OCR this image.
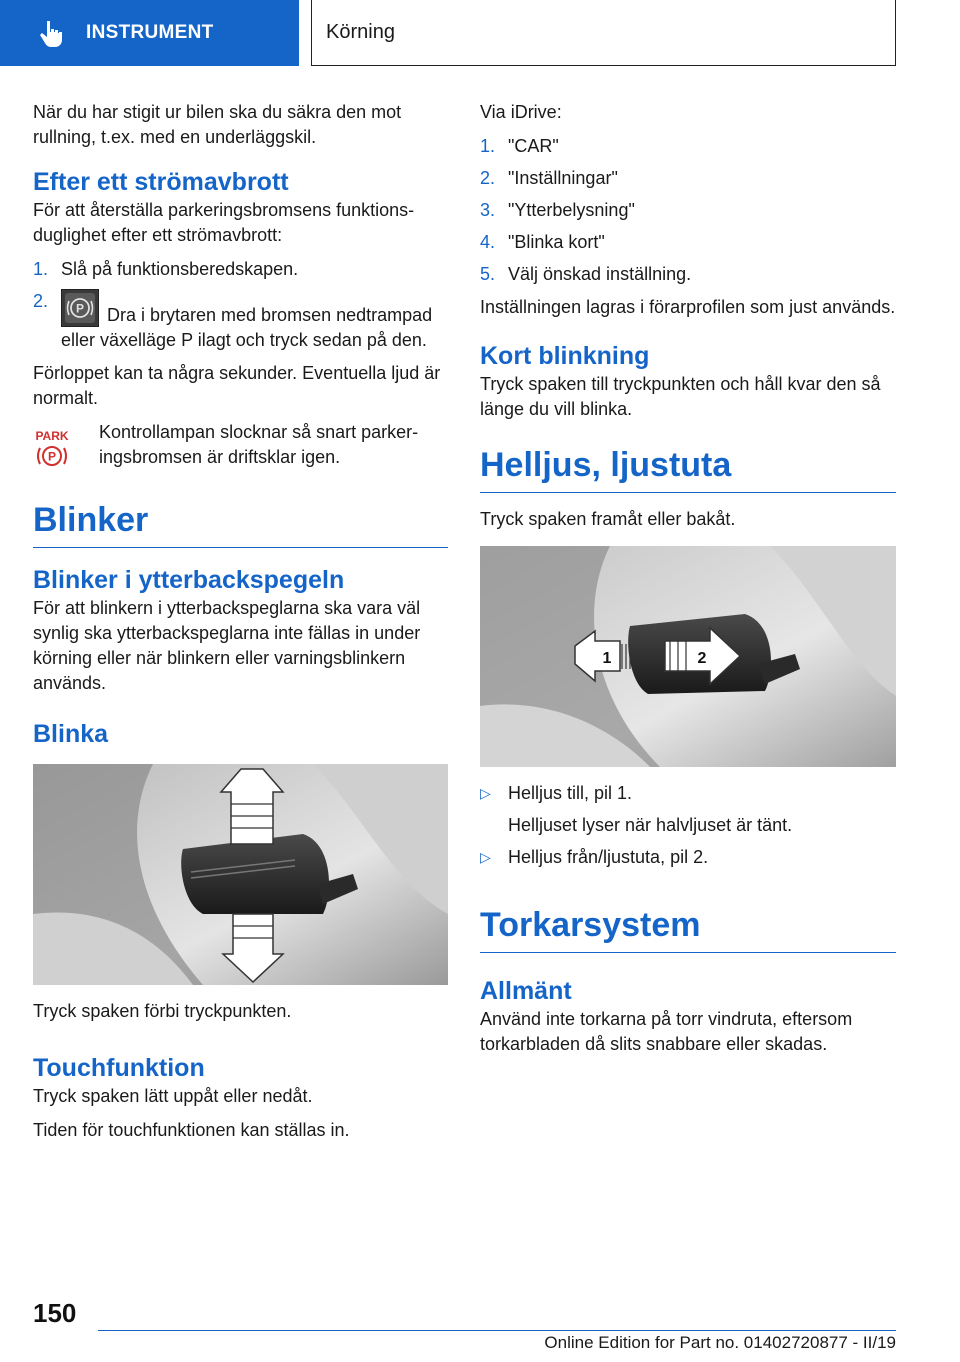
INSTRUMENT	Körning

När du har stigit ur bilen ska du säkra den mot rullning, t.ex. med en underläggskil.

Efter ett strömavbrott

För att återställa parkeringsbromsens funktionsduglighet efter ett strömavbrott:

1. Slå på funktionsberedskapen.
2.	P Dra i brytaren med bromsen nedtrampad eller växelläge P ilagt och tryck sedan på den.

Förloppet kan ta några sekunder. Eventuella ljud är normalt.

PARK
P
Kontrollampan slocknar så snart parkeringsbromsen är driftsklar igen.
Blinker
Blinker i ytterbackspegeln

För att blinkern i ytterbackspeglarna ska vara väl synlig ska ytterbackspeglarna inte fällas in under körning eller när blinkern eller varningsblinkern används.

Blinka

Tryck spaken förbi tryckpunkten.

Touchfunktion

Tryck spaken lätt uppåt eller nedåt.

Tiden för touchfunktionen kan ställas in.

Via iDrive:

1. "CAR"
2. "Inställningar"
3. "Ytterbelysning"
4. "Blinka kort"
5. Välj önskad inställning.

Inställningen lagras i förarprofilen som just används.

Kort blinkning

Tryck spaken till tryckpunkten och håll kvar den så länge du vill blinka.

Helljus, ljustuta

Tryck spaken framåt eller bakåt.

1	2
▷ Helljus till, pil 1.
Helljuset lyser när halvljuset är tänt.
▷ Helljus från/ljustuta, pil 2.
Torkarsystem
Allmänt

Använd inte torkarna på torr vindruta, eftersom torkarbladen då slits snabbare eller skadas.

150
Online Edition for Part no. 01402720877 - II/19
